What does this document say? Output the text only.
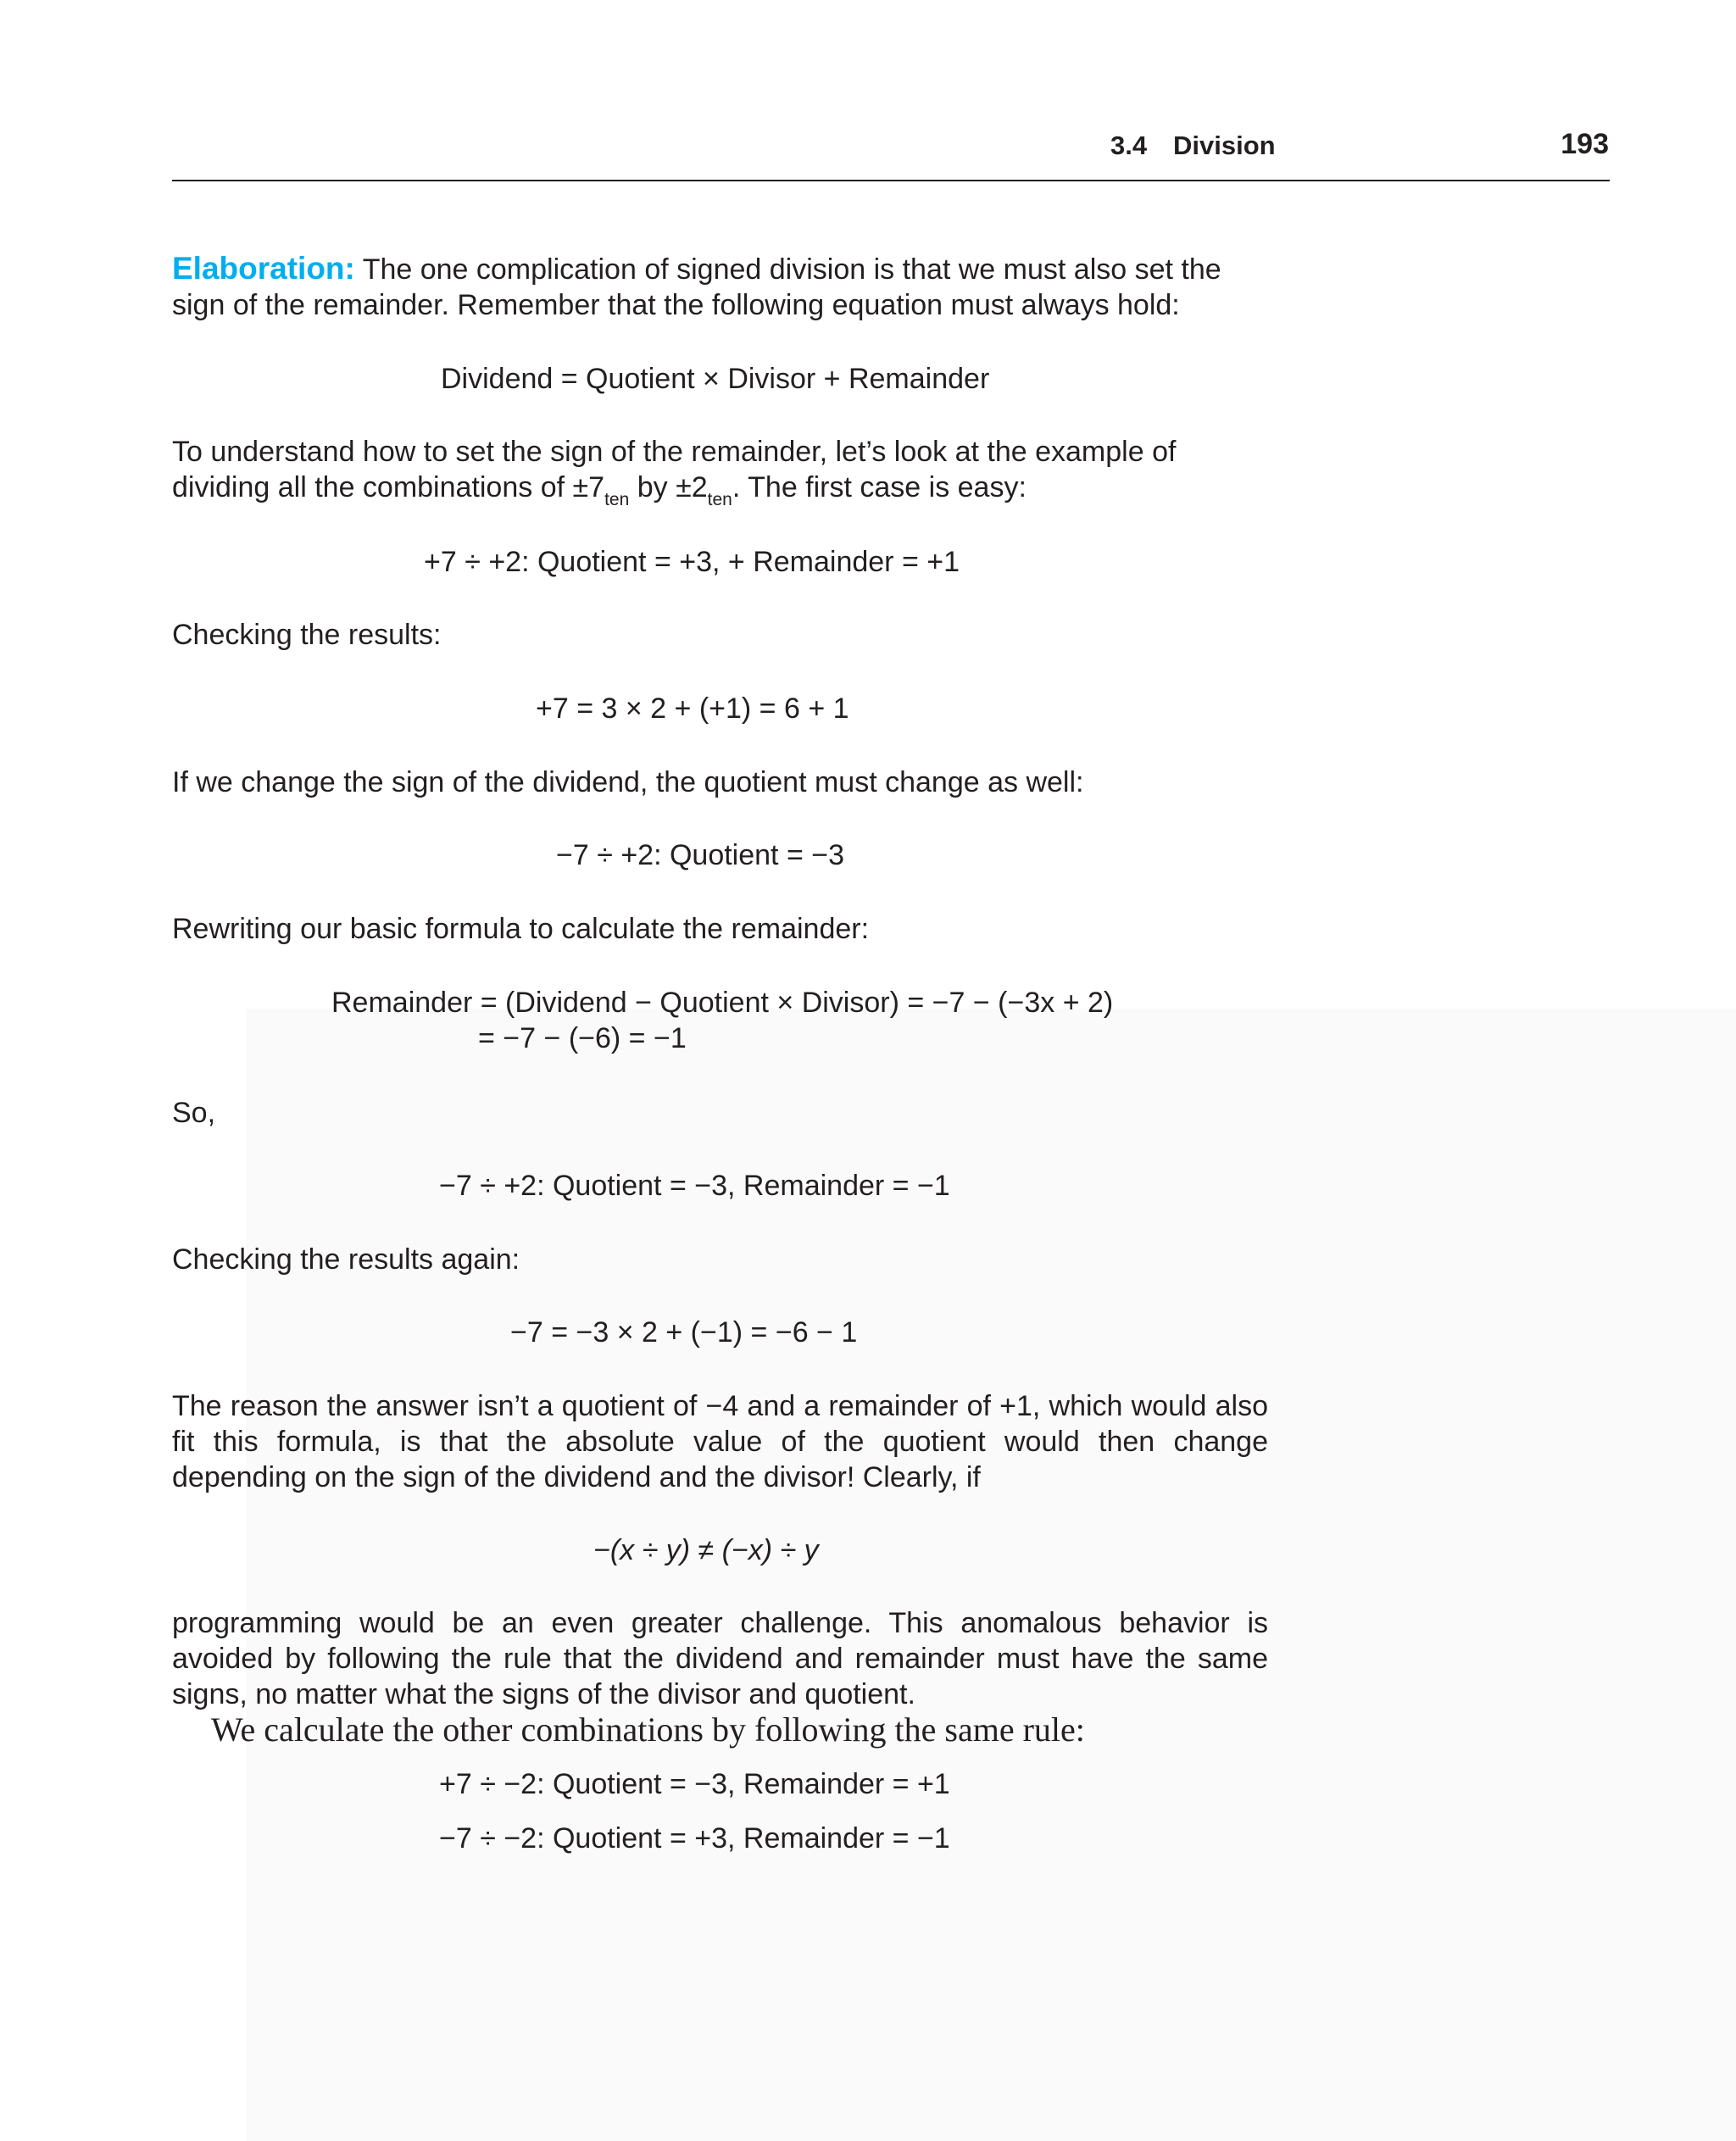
3.4 Division	193

Elaboration: The one complication of signed division is that we must also set the sign of the remainder. Remember that the following equation must always hold:

Dividend = Quotient × Divisor + Remainder

To understand how to set the sign of the remainder, let’s look at the example of dividing all the combinations of $\pm 7_{ten}$ by $\pm 2_{ten}$. The first case is easy:

+7 ÷ +2: Quotient = +3, + Remainder = +1

Checking the results:

+7 = 3 × 2 + (+1) = 6 + 1

If we change the sign of the dividend, the quotient must change as well:

−7 ÷ +2: Quotient = −3

Rewriting our basic formula to calculate the remainder:

Remainder = (Dividend − Quotient × Divisor) = −7 − (−3x + 2)
= −7 − (−6) = −1

So,

−7 ÷ +2: Quotient = −3, Remainder = −1

Checking the results again:

−7 = −3 × 2 + (−1) = −6 − 1

The reason the answer isn’t a quotient of −4 and a remainder of +1, which would also fit this formula, is that the absolute value of the quotient would then change depending on the sign of the dividend and the divisor! Clearly, if

−(x ÷ y) ≠ (−x) ÷ y

programming would be an even greater challenge. This anomalous behavior is avoided by following the rule that the dividend and remainder must have the same signs, no matter what the signs of the divisor and quotient.

We calculate the other combinations by following the same rule:
+7 ÷ −2: Quotient = −3, Remainder = +1
−7 ÷ −2: Quotient = +3, Remainder = −1
